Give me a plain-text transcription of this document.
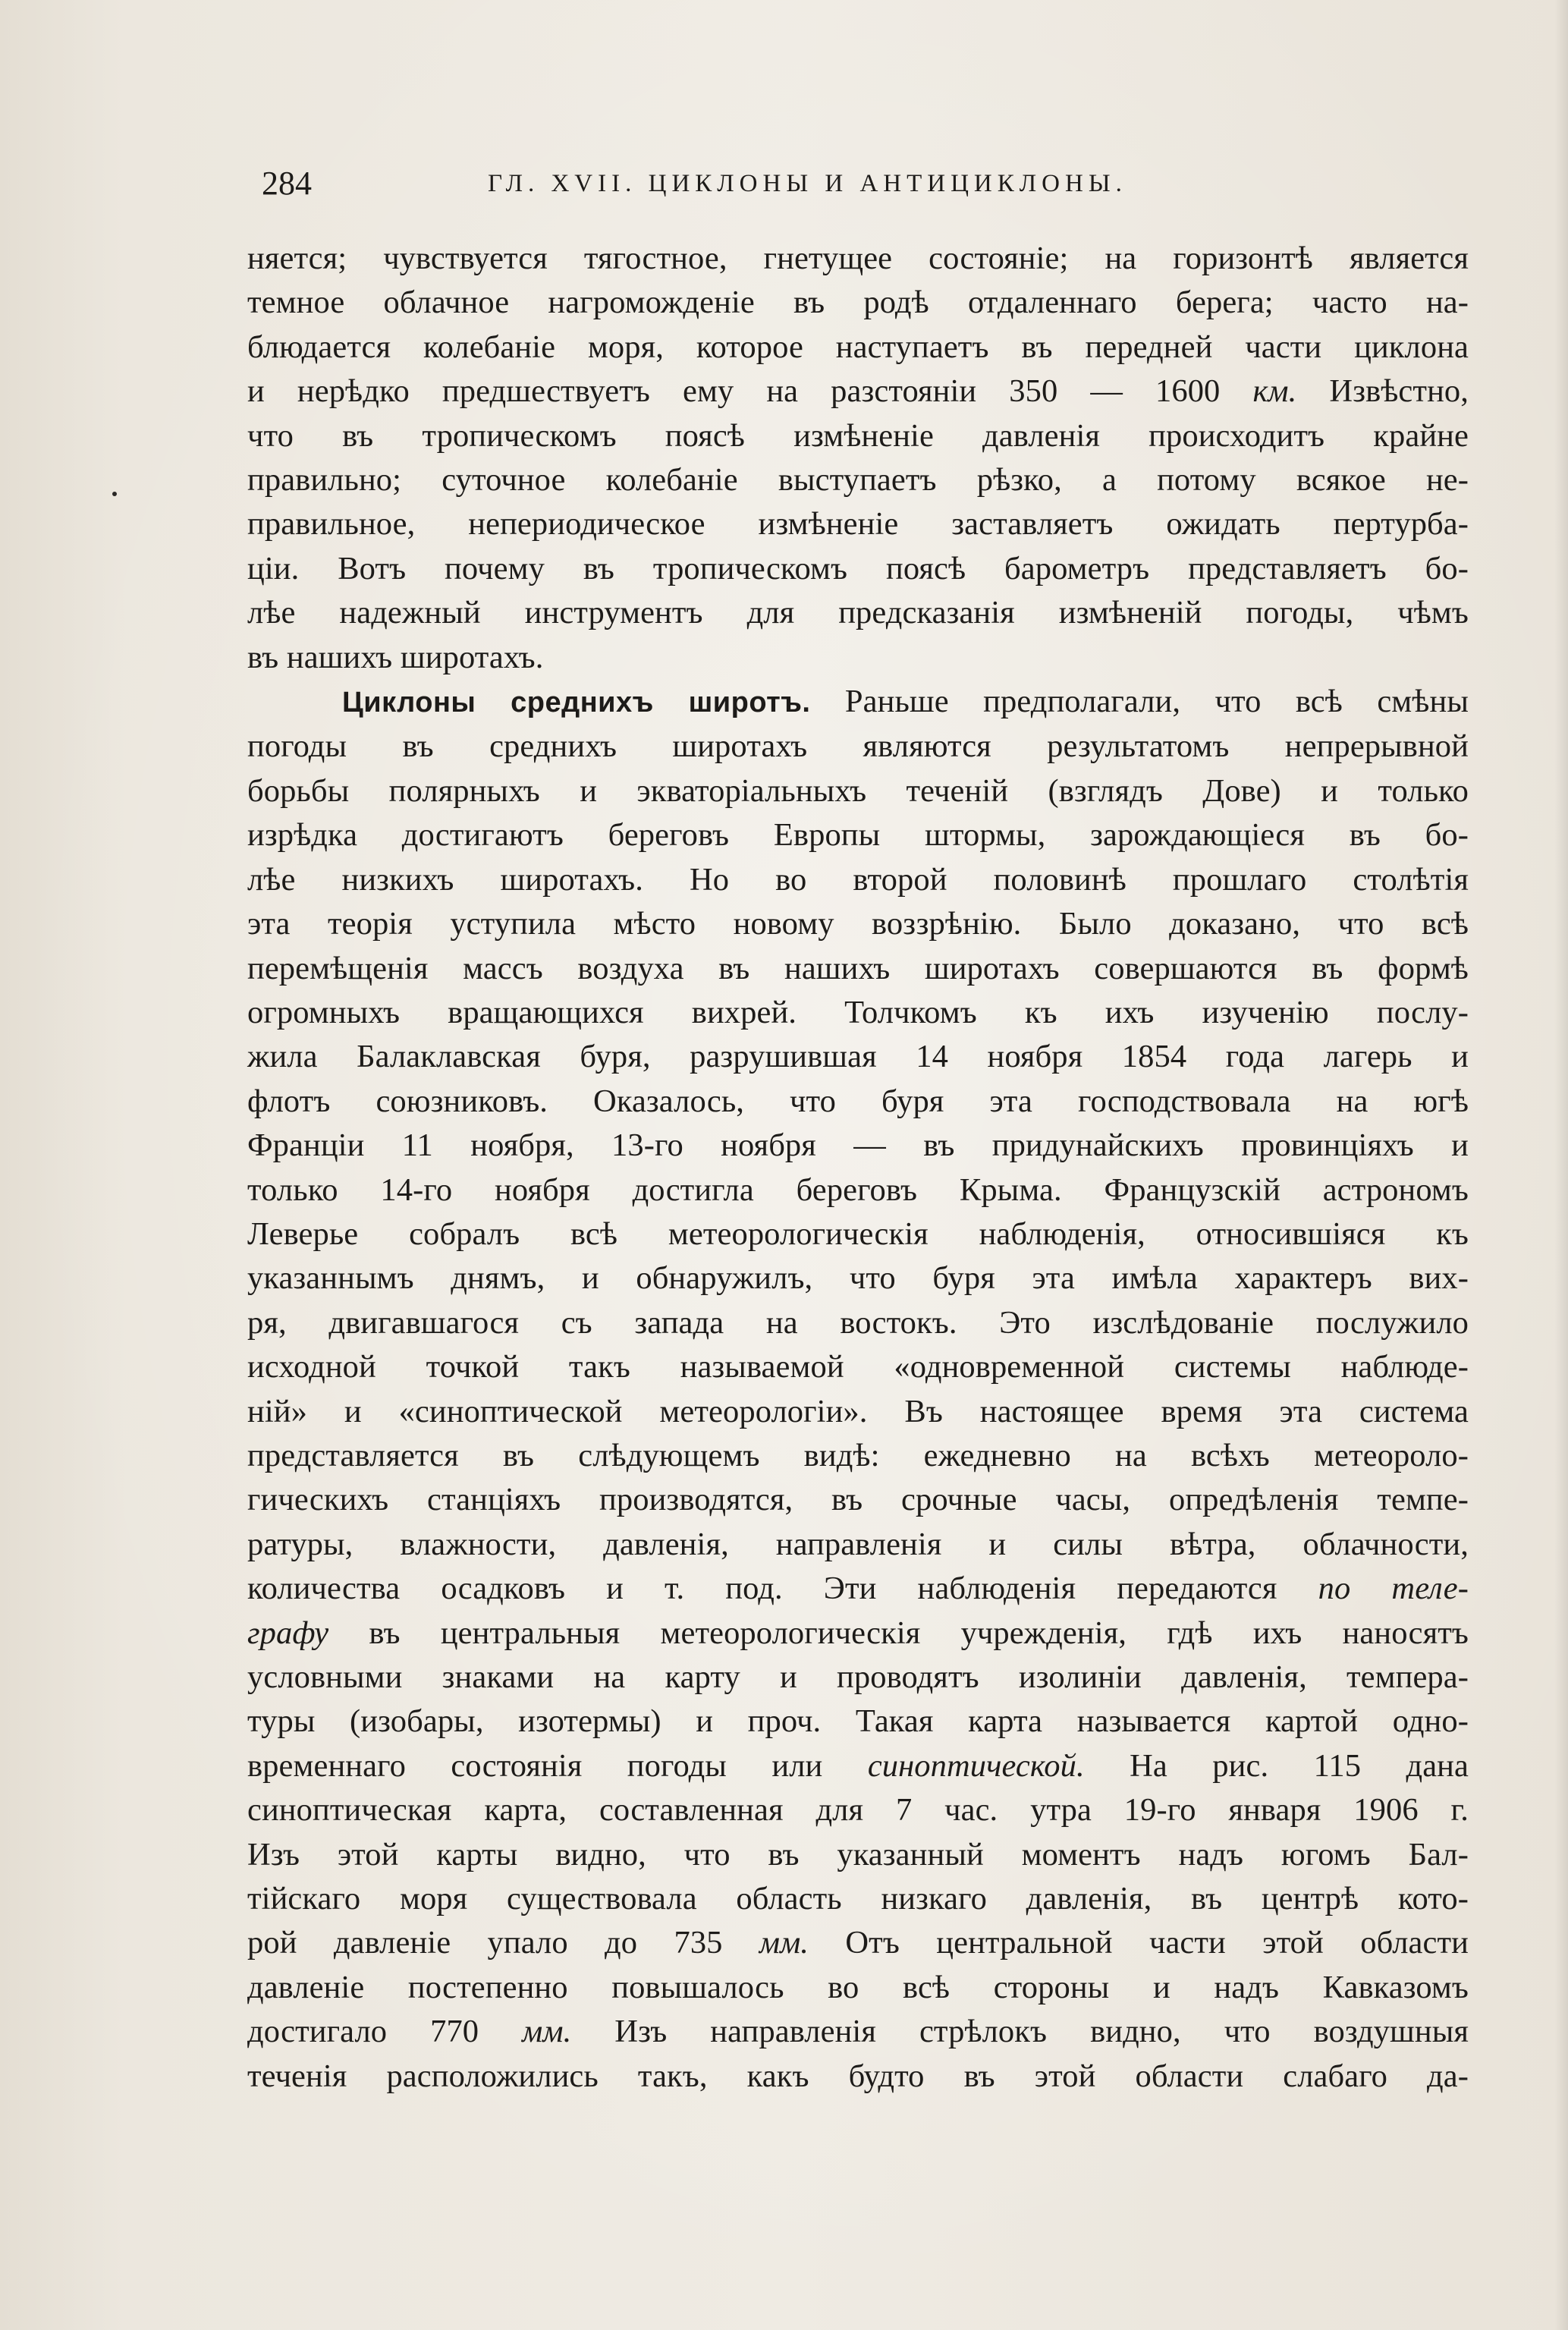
284	ГЛ. XVII. ЦИКЛОНЫ И АНТИЦИКЛОНЫ.

няется; чувствуется тягостное, гнетущее состоянiе; на горизонтѣ является

темное облачное нагроможденiе въ родѣ отдаленнаго берега; часто на-

блюдается колебанiе моря, которое наступаетъ въ передней части циклона

и нерѣдко предшествуетъ ему на разстоянiи 350 — 1600 км. Извѣстно,

что въ тропическомъ поясѣ измѣненiе давленiя происходитъ крайне

правильно; суточное колебанiе выступаетъ рѣзко, а потому всякое не-

правильное, непериодическое измѣненiе заставляетъ ожидать пертурба-

цiи. Вотъ почему въ тропическомъ поясѣ барометръ представляетъ бо-

лѣе надежный инструментъ для предсказанiя измѣненiй погоды, чѣмъ

въ нашихъ широтахъ.

Циклоны среднихъ широтъ. Раньше предполагали, что всѣ смѣны

погоды въ среднихъ широтахъ являются результатомъ непрерывной

борьбы полярныхъ и экваторiальныхъ теченiй (взглядъ Дове) и только

изрѣдка достигаютъ береговъ Европы штормы, зарождающiеся въ бо-

лѣе низкихъ широтахъ. Но во второй половинѣ прошлаго столѣтiя

эта теорiя уступила мѣсто новому воззрѣнiю. Было доказано, что всѣ

перемѣщенiя массъ воздуха въ нашихъ широтахъ совершаются въ формѣ

огромныхъ вращающихся вихрей. Толчкомъ къ ихъ изученiю послу-

жила Балаклавская буря, разрушившая 14 ноября 1854 года лагерь и

флотъ союзниковъ. Оказалось, что буря эта господствовала на югѣ

Францiи 11 ноября, 13-го ноября — въ придунайскихъ провинцiяхъ и

только 14-го ноября достигла береговъ Крыма. Французскiй астрономъ

Леверье собралъ всѣ метеорологическiя наблюденiя, относившiяся къ

указаннымъ днямъ, и обнаружилъ, что буря эта имѣла характеръ вих-

ря, двигавшагося съ запада на востокъ. Это изслѣдованiе послужило

исходной точкой такъ называемой «одновременной системы наблюде-

нiй» и «синоптической метеорологiи». Въ настоящее время эта система

представляется въ слѣдующемъ видѣ: ежедневно на всѣхъ метеороло-

гическихъ станцiяхъ производятся, въ срочные часы, опредѣленiя темпе-

ратуры, влажности, давленiя, направленiя и силы вѣтра, облачности,

количества осадковъ и т. под. Эти наблюденiя передаются по теле-

графу въ центральныя метеорологическiя учрежденiя, гдѣ ихъ наносятъ

условными знаками на карту и проводятъ изолинiи давленiя, темпера-

туры (изобары, изотермы) и проч. Такая карта называется картой одно-

временнаго состоянiя погоды или синоптической. На рис. 115 дана

синоптическая карта, составленная для 7 час. утра 19-го января 1906 г.

Изъ этой карты видно, что въ указанный моментъ надъ югомъ Бал-

тiйскаго моря существовала область низкаго давленiя, въ центрѣ кото-

рой давленiе упало до 735 мм. Отъ центральной части этой области

давленiе постепенно повышалось во всѣ стороны и надъ Кавказомъ

достигало 770 мм. Изъ направленiя стрѣлокъ видно, что воздушныя

теченiя расположились такъ, какъ будто въ этой области слабаго да-
